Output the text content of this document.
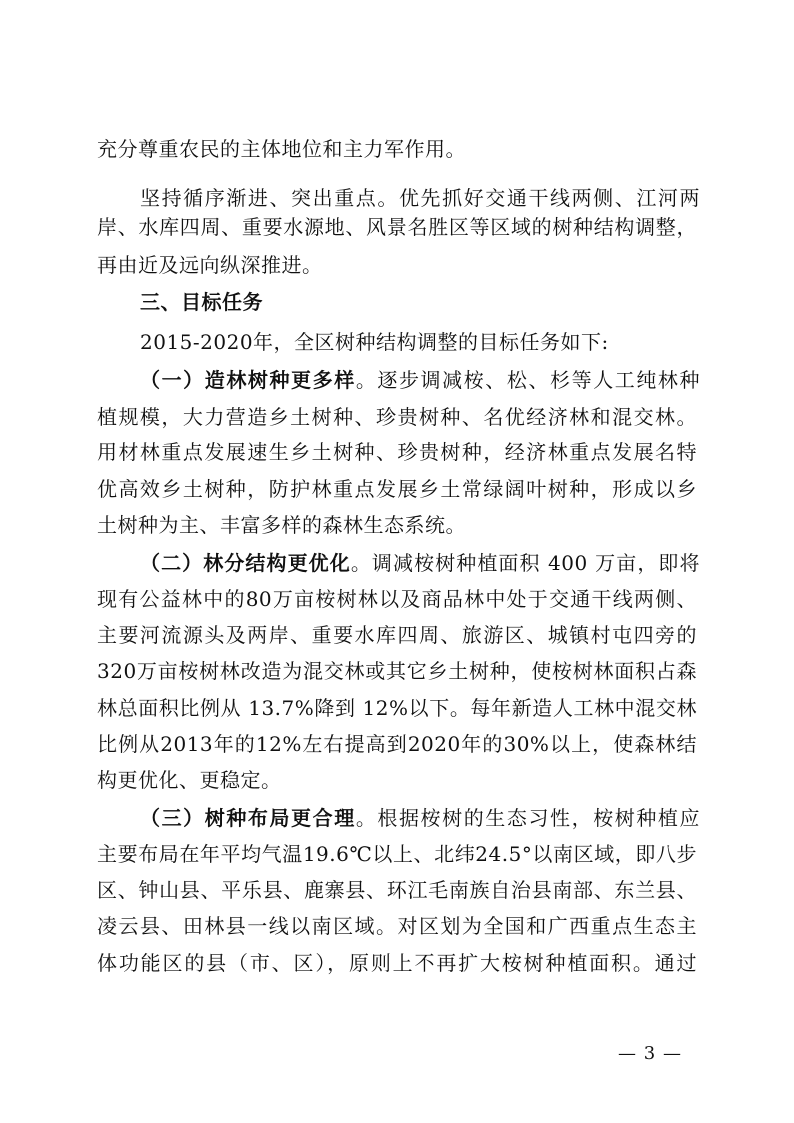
充分尊重农民的主体地位和主力军作用。
坚持循序渐进、突出重点。优先抓好交通干线两侧、江河两
岸、水库四周、重要水源地、风景名胜区等区域的树种结构调整，
再由近及远向纵深推进。
三、目标任务
2015-2020年，全区树种结构调整的目标任务如下:
（一）造林树种更多样。逐步调减桉、松、杉等人工纯林种
植规模，大力营造乡土树种、珍贵树种、名优经济林和混交林。
用材林重点发展速生乡土树种、珍贵树种，经济林重点发展名特
优高效乡土树种，防护林重点发展乡土常绿阔叶树种，形成以乡
土树种为主、丰富多样的森林生态系统。
（二）林分结构更优化。调减桉树种植面积 400 万亩，即将
现有公益林中的80万亩桉树林以及商品林中处于交通干线两侧、
主要河流源头及两岸、重要水库四周、旅游区、城镇村屯四旁的
320万亩桉树林改造为混交林或其它乡土树种，使桉树林面积占森
林总面积比例从 13.7%降到 12%以下。每年新造人工林中混交林
比例从2013年的12%左右提高到2020年的30%以上，使森林结
构更优化、更稳定。
（三）树种布局更合理。根据桉树的生态习性，桉树种植应
主要布局在年平均气温19.6℃以上、北纬24.5°以南区域，即八步
区、钟山县、平乐县、鹿寨县、环江毛南族自治县南部、东兰县、
凌云县、田林县一线以南区域。对区划为全国和广西重点生态主
体功能区的县（市、区），原则上不再扩大桉树种植面积。通过
— 3 —
